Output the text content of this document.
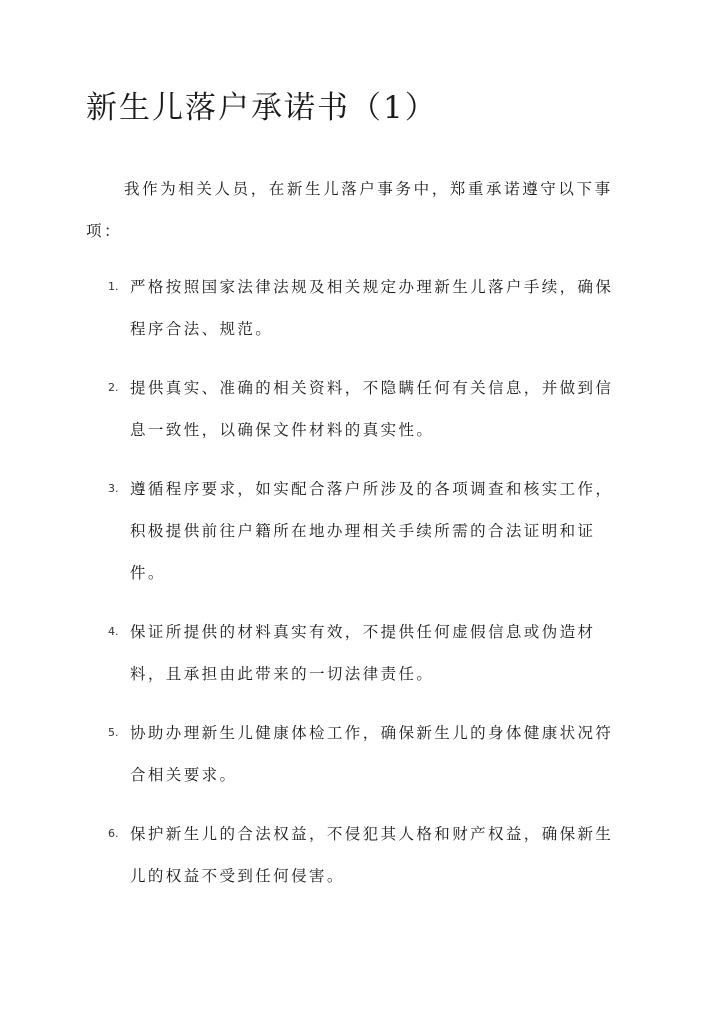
新生儿落户承诺书（1）

我作为相关人员，在新生儿落户事务中，郑重承诺遵守以下事项：

1. 严格按照国家法律法规及相关规定办理新生儿落户手续，确保程序合法、规范。
2. 提供真实、准确的相关资料，不隐瞒任何有关信息，并做到信息一致性，以确保文件材料的真实性。
3. 遵循程序要求，如实配合落户所涉及的各项调查和核实工作，积极提供前往户籍所在地办理相关手续所需的合法证明和证件。
4. 保证所提供的材料真实有效，不提供任何虚假信息或伪造材料，且承担由此带来的一切法律责任。
5. 协助办理新生儿健康体检工作，确保新生儿的身体健康状况符合相关要求。
6. 保护新生儿的合法权益，不侵犯其人格和财产权益，确保新生儿的权益不受到任何侵害。
